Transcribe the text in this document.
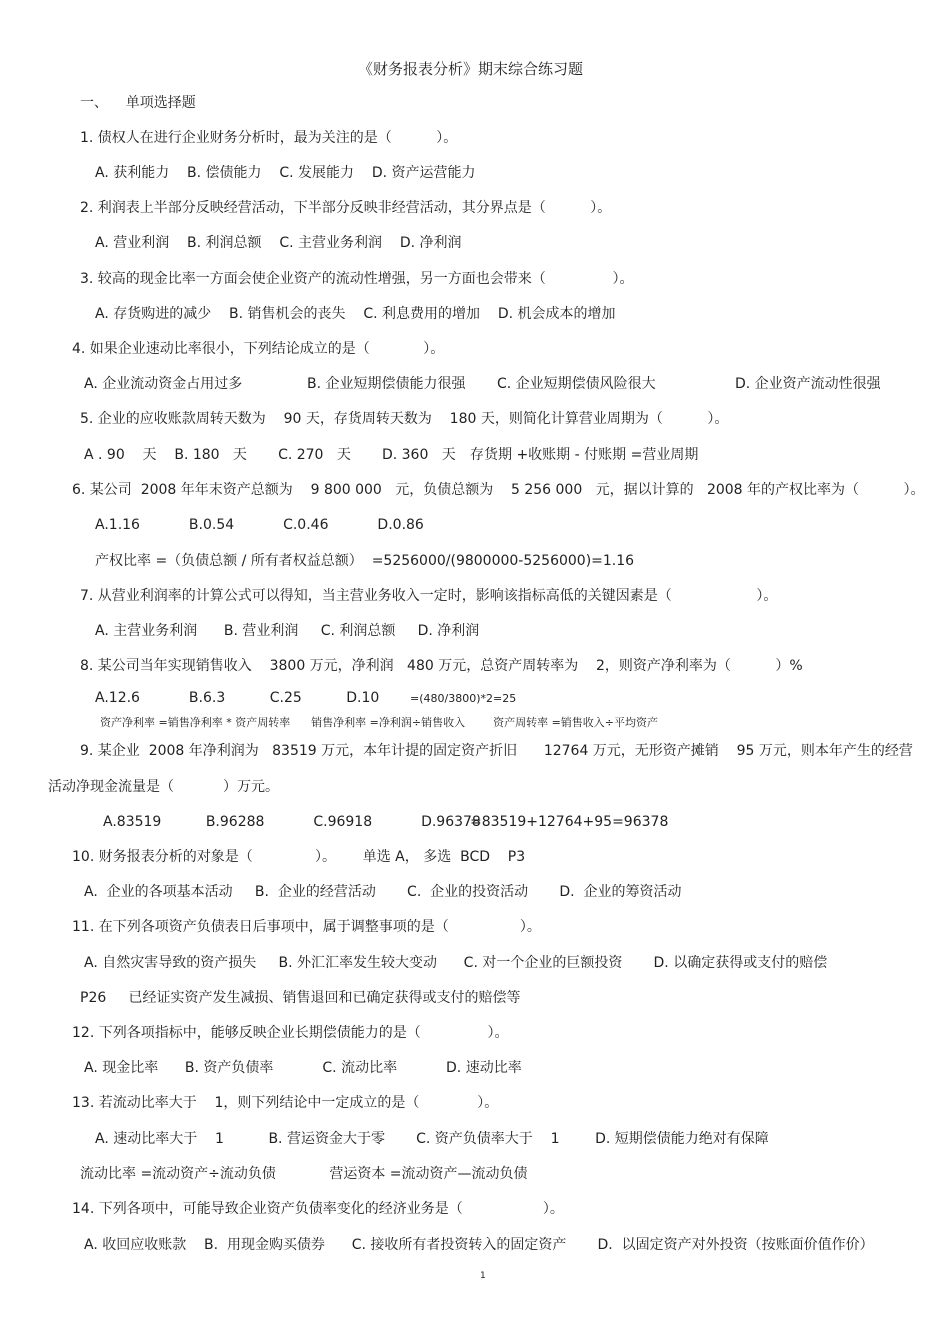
《财务报表分析》期末综合练习题
一、    单项选择题
1. 债权人在进行企业财务分析时，最为关注的是（          ）。
A. 获利能力    B. 偿债能力    C. 发展能力    D. 资产运营能力
2. 利润表上半部分反映经营活动，下半部分反映非经营活动，其分界点是（          ）。
A. 营业利润    B. 利润总额    C. 主营业务利润    D. 净利润
3. 较高的现金比率一方面会使企业资产的流动性增强，另一方面也会带来（               ）。
A. 存货购进的减少    B. 销售机会的丧失    C. 利息费用的增加    D. 机会成本的增加
4. 如果企业速动比率很小，下列结论成立的是（            ）。
A. 企业流动资金占用过多	B. 企业短期偿债能力很强 C. 企业短期偿债风险很大	D. 企业资产流动性很强
5. 企业的应收账款周转天数为    90 天，存货周转天数为    180 天，则简化计算营业周期为（          ）。
A . 90    天    B. 180   天       C. 270   天       D. 360   天 存货期 +收账期 - 付账期 =营业周期
6. 某公司  2008 年年末资产总额为    9 800 000   元，负债总额为    5 256 000   元，据以计算的   2008 年的产权比率为（          ）。
A.1.16           B.0.54           C.0.46           D.0.86
产权比率 =（负债总额 / 所有者权益总额）  =5256000/(9800000-5256000)=1.16
7. 从营业利润率的计算公式可以得知，当主营业务收入一定时，影响该指标高低的关键因素是（                   ）。
A. 主营业务利润      B. 营业利润     C. 利润总额     D. 净利润
8. 某公司当年实现销售收入    3800 万元，净利润   480 万元，总资产周转率为    2，则资产净利率为（          ）%
A.12.6           B.6.3          C.25          D.10	=(480/3800)*2=25
资产净利率 =销售净利率 * 资产周转率      销售净利率 =净利润÷销售收入        资产周转率 =销售收入÷平均资产
9. 某企业  2008 年净利润为   83519 万元，本年计提的固定资产折旧      12764 万元，无形资产摊销    95 万元，则本年产生的经营
活动净现金流量是（           ）万元。
A.83519          B.96288           C.96918           D.96378
=83519+12764+95=96378
10. 财务报表分析的对象是（              ）。      单选 A， 多选  BCD    P3
A.  企业的各项基本活动     B.  企业的经营活动       C.  企业的投资活动       D.  企业的筹资活动
11. 在下列各项资产负债表日后事项中，属于调整事项的是（                ）。
A. 自然灾害导致的资产损失     B. 外汇汇率发生较大变动      C. 对一个企业的巨额投资       D. 以确定获得或支付的赔偿
P26     已经证实资产发生减损、销售退回和已确定获得或支付的赔偿等
12. 下列各项指标中，能够反映企业长期偿债能力的是（               ）。
A. 现金比率      B. 资产负债率           C. 流动比率           D. 速动比率
13. 若流动比率大于    1，则下列结论中一定成立的是（             ）。
A. 速动比率大于    1          B. 营运资金大于零       C. 资产负债率大于    1        D. 短期偿债能力绝对有保障
流动比率 =流动资产÷流动负债            营运资本 =流动资产—流动负债
14. 下列各项中，可能导致企业资产负债率变化的经济业务是（                  ）。
A. 收回应收账款    B.  用现金购买债券      C. 接收所有者投资转入的固定资产       D.  以固定资产对外投资（按账面价值作价）
1
